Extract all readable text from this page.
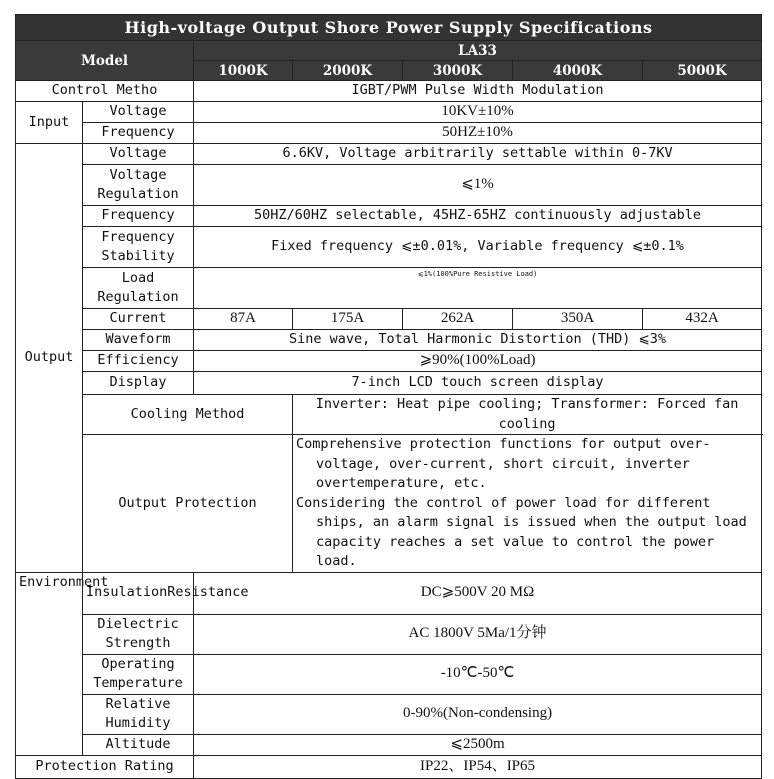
High-voltage Output Shore Power Supply Specifications						
Model		LA33				
		1000K	2000K	3000K	4000K	5000K
Control Metho		IGBT/PWM Pulse Width Modulation				
Input	Voltage	10KV±10%				
	Frequency	50HZ±10%				
Output	Voltage	6.6KV, Voltage arbitrarily settable within 0-7KV				
	Voltage Regulation	⩽1%				
	Frequency	50HZ/60HZ selectable, 45HZ-65HZ continuously adjustable				
	Frequency Stability	Fixed frequency ⩽±0.01%, Variable frequency ⩽±0.1%				
	Load Regulation	⩽1%(100%Pure Resistive Load)				
	Current	87A	175A	262A	350A	432A
	Waveform	Sine wave, Total Harmonic Distortion (THD) ⩽3%				
	Efficiency	⩾90%(100%Load)				
	Display	7-inch LCD touch screen display				
	Cooling Method		Inverter: Heat pipe cooling; Transformer: Forced fan cooling			
	Output Protection		Comprehensive protection functions for output over-voltage, over-current, short circuit, inverter overtemperature, etc.
Considering the control of power load for different ships, an alarm signal is issued when the output load capacity reaches a set value to control the power load.			

Environment	InsulationResistance	DC⩾500V 20 MΩ				
	Dielectric Strength	AC 1800V 5Ma/1分钟				
	Operating Temperature	-10℃-50℃				
	Relative Humidity	0-90%(Non-condensing)				
	Altitude	⩽2500m				
Protection Rating		IP22、IP54、IP65				
